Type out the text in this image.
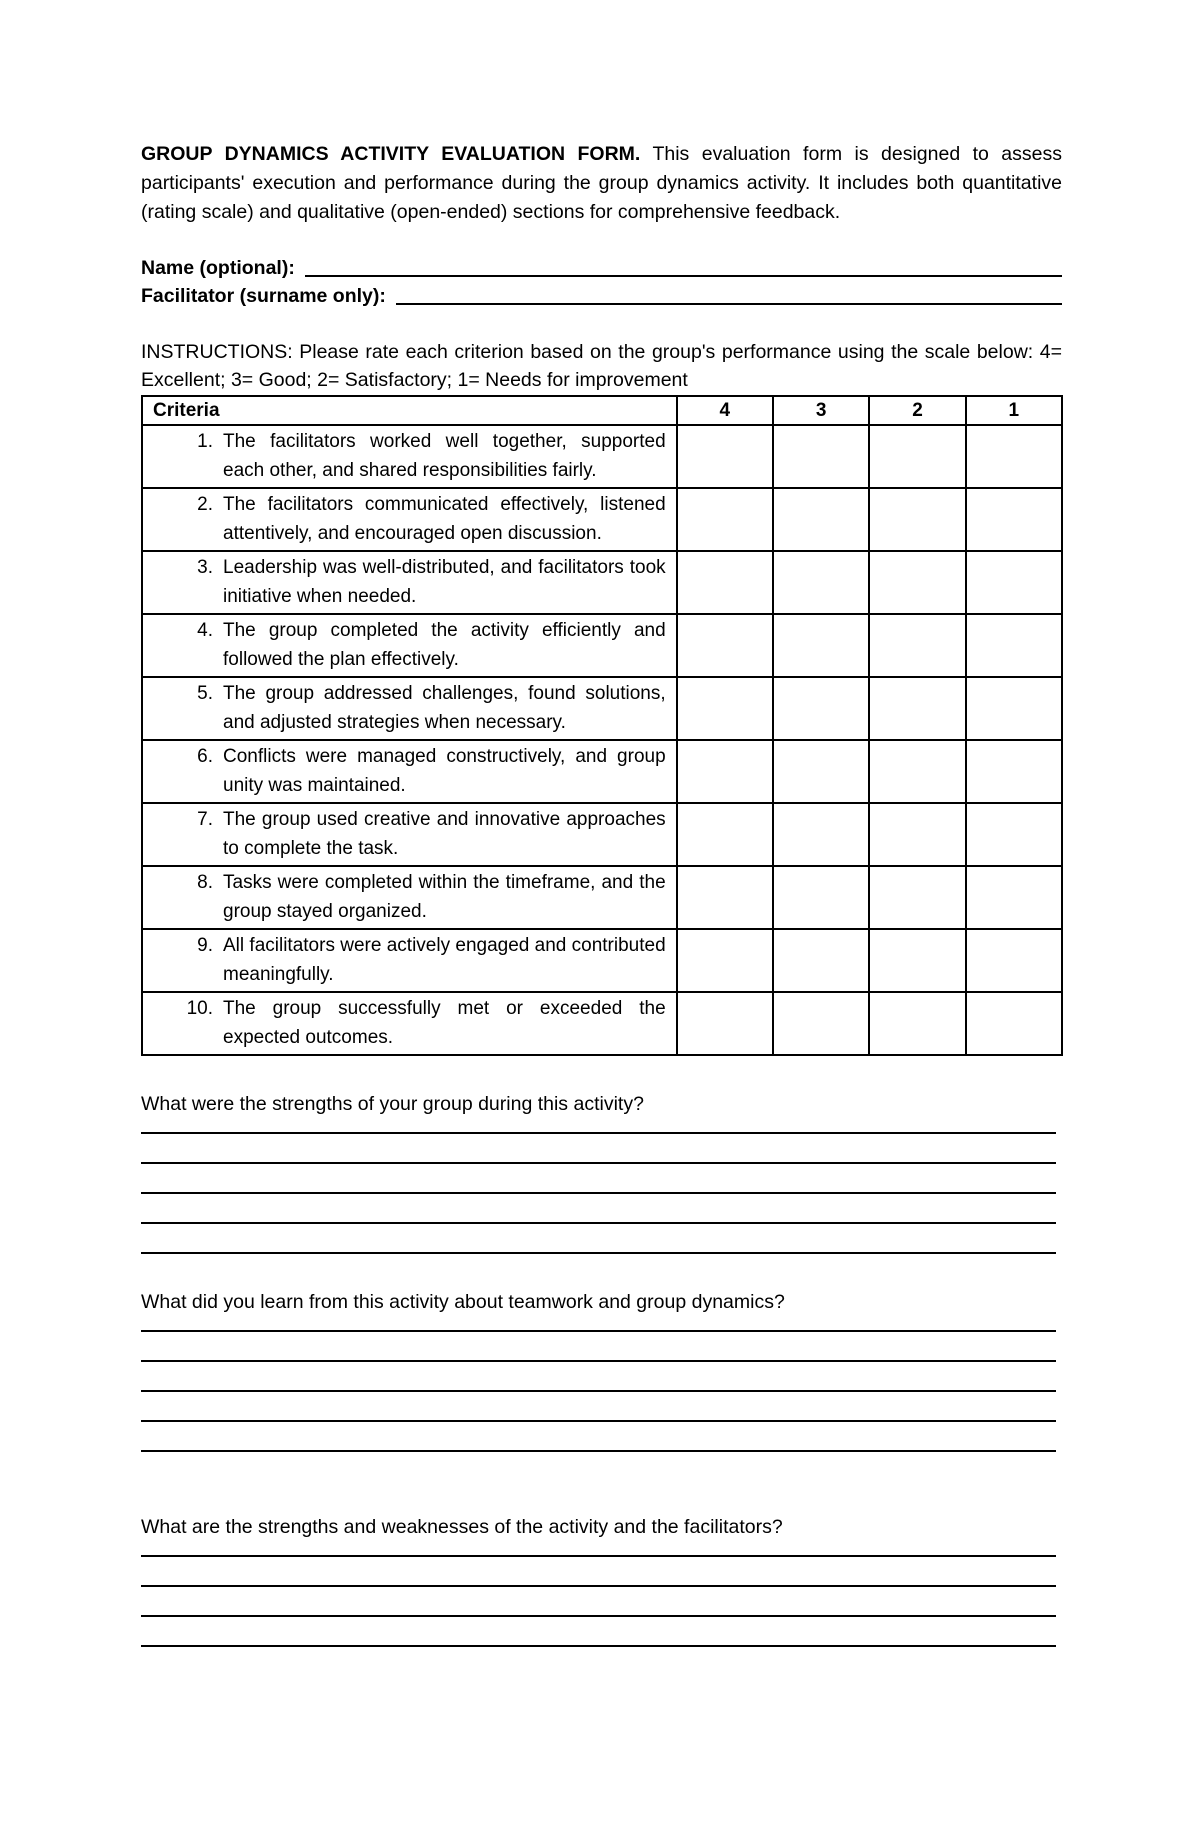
GROUP DYNAMICS ACTIVITY EVALUATION FORM. This evaluation form is designed to assess participants' execution and performance during the group dynamics activity. It includes both quantitative (rating scale) and qualitative (open-ended) sections for comprehensive feedback.

Name (optional):
Facilitator (surname only):
INSTRUCTIONS: Please rate each criterion based on the group's performance using the scale below: 4= Excellent; 3= Good; 2= Satisfactory; 1= Needs for improvement
Criteria	4	3	2	1

1. The facilitators worked well together, supported each other, and shared responsibilities fairly.				

2. The facilitators communicated effectively, listened attentively, and encouraged open discussion.				

3. Leadership was well-distributed, and facilitators took initiative when needed.				

4. The group completed the activity efficiently and followed the plan effectively.				

5. The group addressed challenges, found solutions, and adjusted strategies when necessary.				

6. Conflicts were managed constructively, and group unity was maintained.				

7. The group used creative and innovative approaches to complete the task.				

8. Tasks were completed within the timeframe, and the group stayed organized.				

9. All facilitators were actively engaged and contributed meaningfully.				

10. The group successfully met or exceeded the expected outcomes.				

What were the strengths of your group during this activity?
What did you learn from this activity about teamwork and group dynamics?
What are the strengths and weaknesses of the activity and the facilitators?
